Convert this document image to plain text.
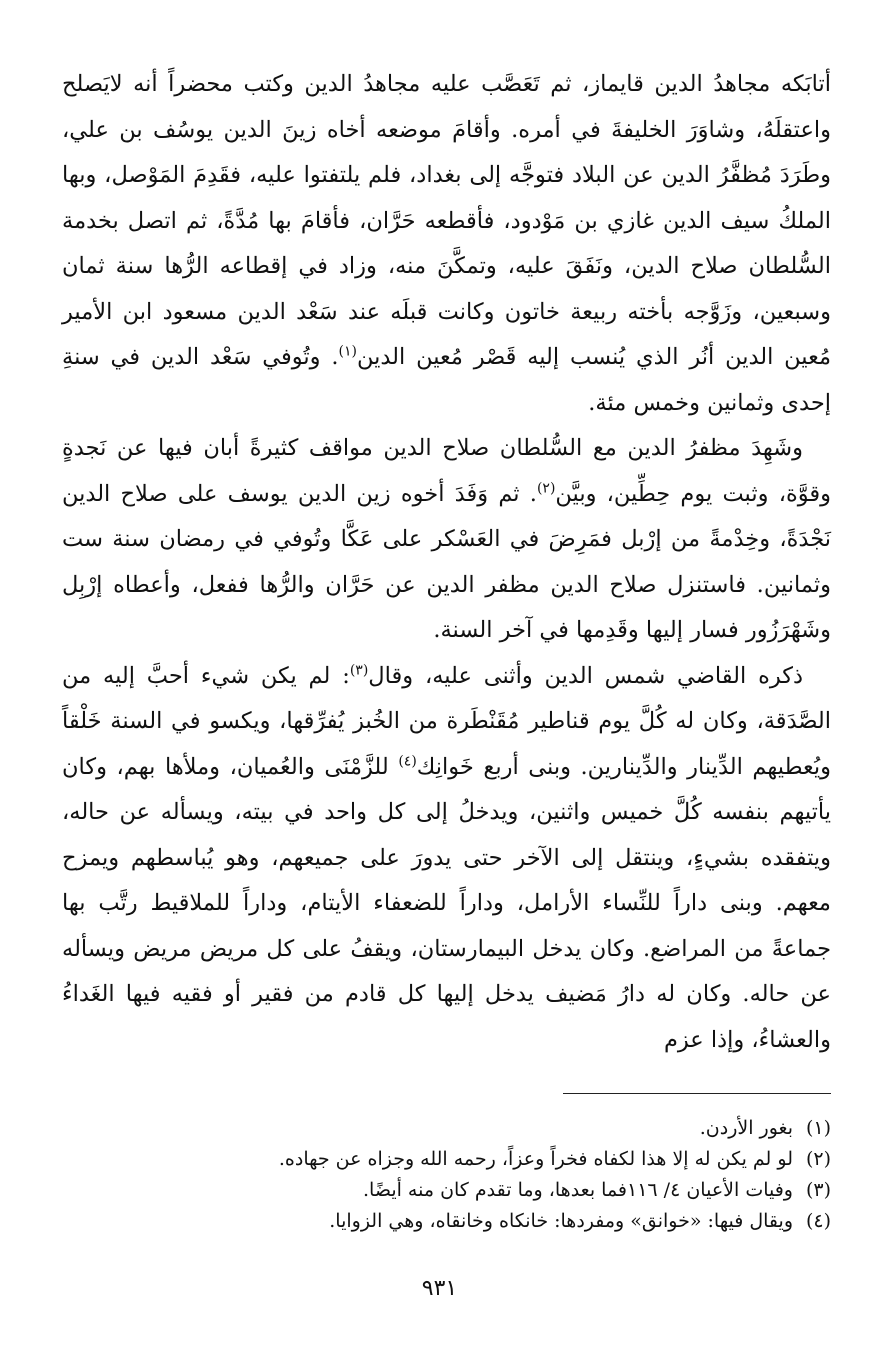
أتابَكه مجاهدُ الدين قايماز، ثم تَعَصَّب عليه مجاهدُ الدين وكتب محضراً أنه لايَصلح واعتقلَهُ، وشاوَرَ الخليفةَ في أمره. وأقامَ موضعه أخاه زينَ الدين يوسُف بن علي، وطَرَدَ مُظفَّرُ الدين عن البلاد فتوجَّه إلى بغداد، فلم يلتفتوا عليه، فقَدِمَ المَوْصل، وبها الملكُ سيف الدين غازي بن مَوْدود، فأقطعه حَرَّان، فأقامَ بها مُدَّةً، ثم اتصل بخدمة السُّلطان صلاح الدين، ونَفَقَ عليه، وتمكَّنَ منه، وزاد في إقطاعه الرُّها سنة ثمان وسبعين، وزَوَّجه بأخته ربيعة خاتون وكانت قبلَه عند سَعْد الدين مسعود ابن الأمير مُعين الدين أنُر الذي يُنسب إليه قَصْر مُعين الدين$^{(١)}$. وتُوفي سَعْد الدين في سنةِ إحدى وثمانين وخمس مئة.

وشَهِدَ مظفرُ الدين مع السُّلطان صلاح الدين مواقف كثيرةً أبان فيها عن نَجدةٍ وقوَّة، وثبت يوم حِطِّين، وبيَّن$^{(٢)}$. ثم وَفَدَ أخوه زين الدين يوسف على صلاح الدين نَجْدَةً، وخِدْمةً من إرْبل فمَرِضَ في العَسْكر على عَكَّا وتُوفي في رمضان سنة ست وثمانين. فاستنزل صلاح الدين مظفر الدين عن حَرَّان والرُّها ففعل، وأعطاه إرْبِل وشَهْرَزُور فسار إليها وقَدِمها في آخر السنة.

ذكره القاضي شمس الدين وأثنى عليه، وقال$^{(٣)}$: لم يكن شيء أحبَّ إليه من الصَّدَقة، وكان له كُلَّ يوم قناطير مُقَنْطَرة من الخُبز يُفرِّقها، ويكسو في السنة خَلْقاً ويُعطيهم الدِّينار والدِّينارين. وبنى أربع خَوانِك$^{(٤)}$ للزَّمْنَى والعُميان، وملأها بهم، وكان يأتيهم بنفسه كُلَّ خميس واثنين، ويدخلُ إلى كل واحد في بيته، ويسأله عن حاله، ويتفقده بشيءٍ، وينتقل إلى الآخر حتى يدورَ على جميعهم، وهو يُباسطهم ويمزح معهم. وبنى داراً للنِّساء الأرامل، وداراً للضعفاء الأيتام، وداراً للملاقيط رتَّب بها جماعةً من المراضع. وكان يدخل البيمارستان، ويقفُ على كل مريض مريض ويسأله عن حاله. وكان له دارُ مَضيف يدخل إليها كل قادم من فقير أو فقيه فيها الغَداءُ والعشاءُ، وإذا عزم

(١)
بغور الأردن.
(٢)
لو لم يكن له إلا هذا لكفاه فخراً وعزاً، رحمه الله وجزاه عن جهاده.
(٣)
وفيات الأعيان ٤/ ١١٦فما بعدها، وما تقدم كان منه أيضًا.
(٤)
ويقال فيها: «خوانق» ومفردها: خانكاه وخانقاه، وهي الزوايا.
٩٣١
